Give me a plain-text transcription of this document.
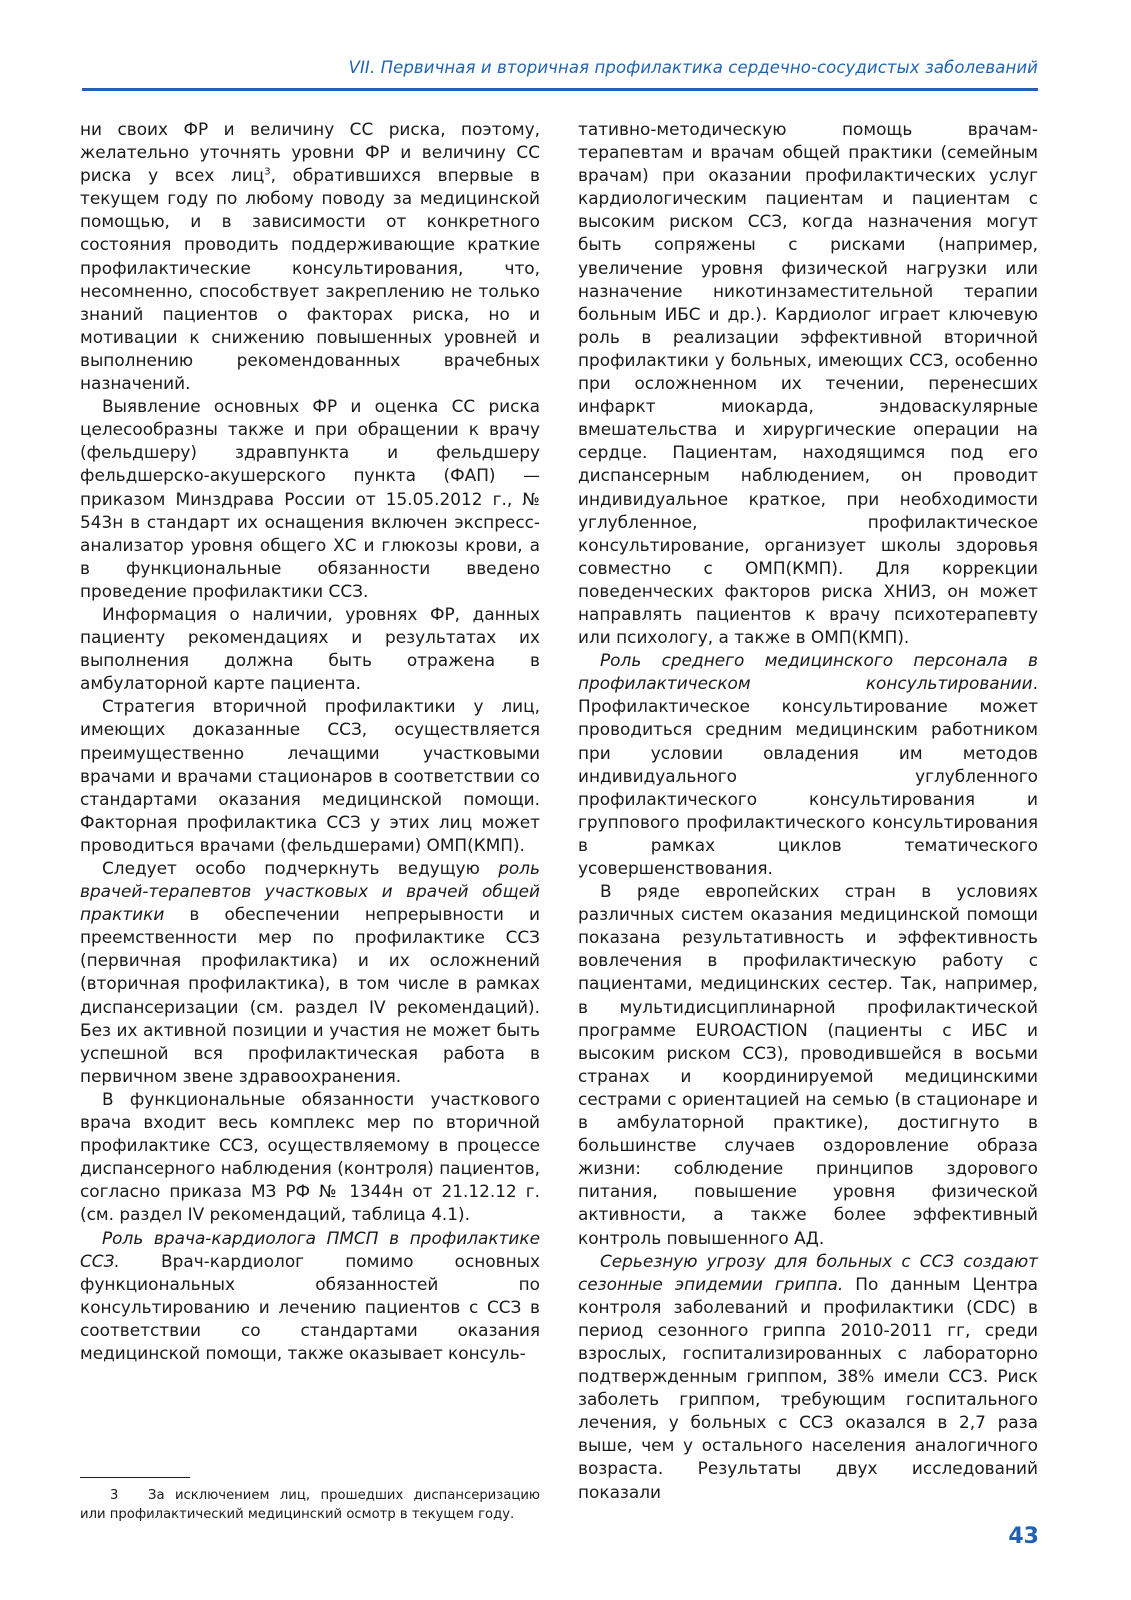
VII. Первичная и вторичная профилактика сердечно-сосудистых заболеваний

ни своих ФР и величину СС риска, поэтому, желательно уточнять уровни ФР и величину СС риска у всех лиц$^3$, обратившихся впервые в текущем году по любому поводу за медицинской помощью, и в зависимости от конкретного состояния проводить поддерживающие краткие профилактические консультирования, что, несомненно, способствует закреплению не только знаний пациентов о факторах риска, но и мотивации к снижению повышенных уровней и выполнению рекомендованных врачебных назначений.

Выявление основных ФР и оценка СС риска целесообразны также и при обращении к врачу (фельдшеру) здравпункта и фельдшеру фельдшерско-акушерского пункта (ФАП) — приказом Минздрава России от 15.05.2012 г., № 543н в стандарт их оснащения включен экспресс-анализатор уровня общего ХС и глюкозы крови, а в функциональные обязанности введено проведение профилактики ССЗ.

Информация о наличии, уровнях ФР, данных пациенту рекомендациях и результатах их выполнения должна быть отражена в амбулаторной карте пациента.

Стратегия вторичной профилактики у лиц, имеющих доказанные ССЗ, осуществляется преимущественно лечащими участковыми врачами и врачами стационаров в соответствии со стандартами оказания медицинской помощи. Факторная профилактика ССЗ у этих лиц может проводиться врачами (фельдшерами) ОМП(КМП).

Следует особо подчеркнуть ведущую роль врачей-терапевтов участковых и врачей общей практики в обеспечении непрерывности и преемственности мер по профилактике ССЗ (первичная профилактика) и их осложнений (вторичная профилактика), в том числе в рамках диспансеризации (см. раздел IV рекомендаций). Без их активной позиции и участия не может быть успешной вся профилактическая работа в первичном звене здравоохранения.

В функциональные обязанности участкового врача входит весь комплекс мер по вторичной профилактике ССЗ, осуществляемому в процессе диспансерного наблюдения (контроля) пациентов, согласно приказа МЗ РФ № 1344н от 21.12.12 г. (см. раздел IV рекомендаций, таблица 4.1).

Роль врача-кардиолога ПМСП в профилактике ССЗ. Врач-кардиолог помимо основных функциональных обязанностей по консультированию и лечению пациентов с ССЗ в соответствии со стандартами оказания медицинской помощи, также оказывает консуль-

тативно-методическую помощь врачам-терапевтам и врачам общей практики (семейным врачам) при оказании профилактических услуг кардиологическим пациентам и пациентам с высоким риском ССЗ, когда назначения могут быть сопряжены с рисками (например, увеличение уровня физической нагрузки или назначение никотинзаместительной терапии больным ИБС и др.). Кардиолог играет ключевую роль в реализации эффективной вторичной профилактики у больных, имеющих ССЗ, особенно при осложненном их течении, перенесших инфаркт миокарда, эндоваскулярные вмешательства и хирургические операции на сердце. Пациентам, находящимся под его диспансерным наблюдением, он проводит индивидуальное краткое, при необходимости углубленное, профилактическое консультирование, организует школы здоровья совместно с ОМП(КМП). Для коррекции поведенческих факторов риска ХНИЗ, он может направлять пациентов к врачу психотерапевту или психологу, а также в ОМП(КМП).

Роль среднего медицинского персонала в профилактическом консультировании. Профилактическое консультирование может проводиться средним медицинским работником при условии овладения им методов индивидуального углубленного профилактического консультирования и группового профилактического консультирования в рамках циклов тематического усовершенствования.

В ряде европейских стран в условиях различных систем оказания медицинской помощи показана результативность и эффективность вовлечения в профилактическую работу с пациентами, медицинских сестер. Так, например, в мультидисциплинарной профилактической программе EUROACTION (пациенты с ИБС и высоким риском ССЗ), проводившейся в восьми странах и координируемой медицинскими сестрами с ориентацией на семью (в стационаре и в амбулаторной практике), достигнуто в большинстве случаев оздоровление образа жизни: соблюдение принципов здорового питания, повышение уровня физической активности, а также более эффективный контроль повышенного АД.

Серьезную угрозу для больных с ССЗ создают сезонные эпидемии гриппа. По данным Центра контроля заболеваний и профилактики (CDC) в период сезонного гриппа 2010-2011 гг, среди взрослых, госпитализированных с лабораторно подтвержденным гриппом, 38% имели ССЗ. Риск заболеть гриппом, требующим госпитального лечения, у больных с ССЗ оказался в 2,7 раза выше, чем у остального населения аналогичного возраста. Результаты двух исследований показали

3 За исключением лиц, прошедших диспансеризацию или профилактический медицинский осмотр в текущем году.
43
